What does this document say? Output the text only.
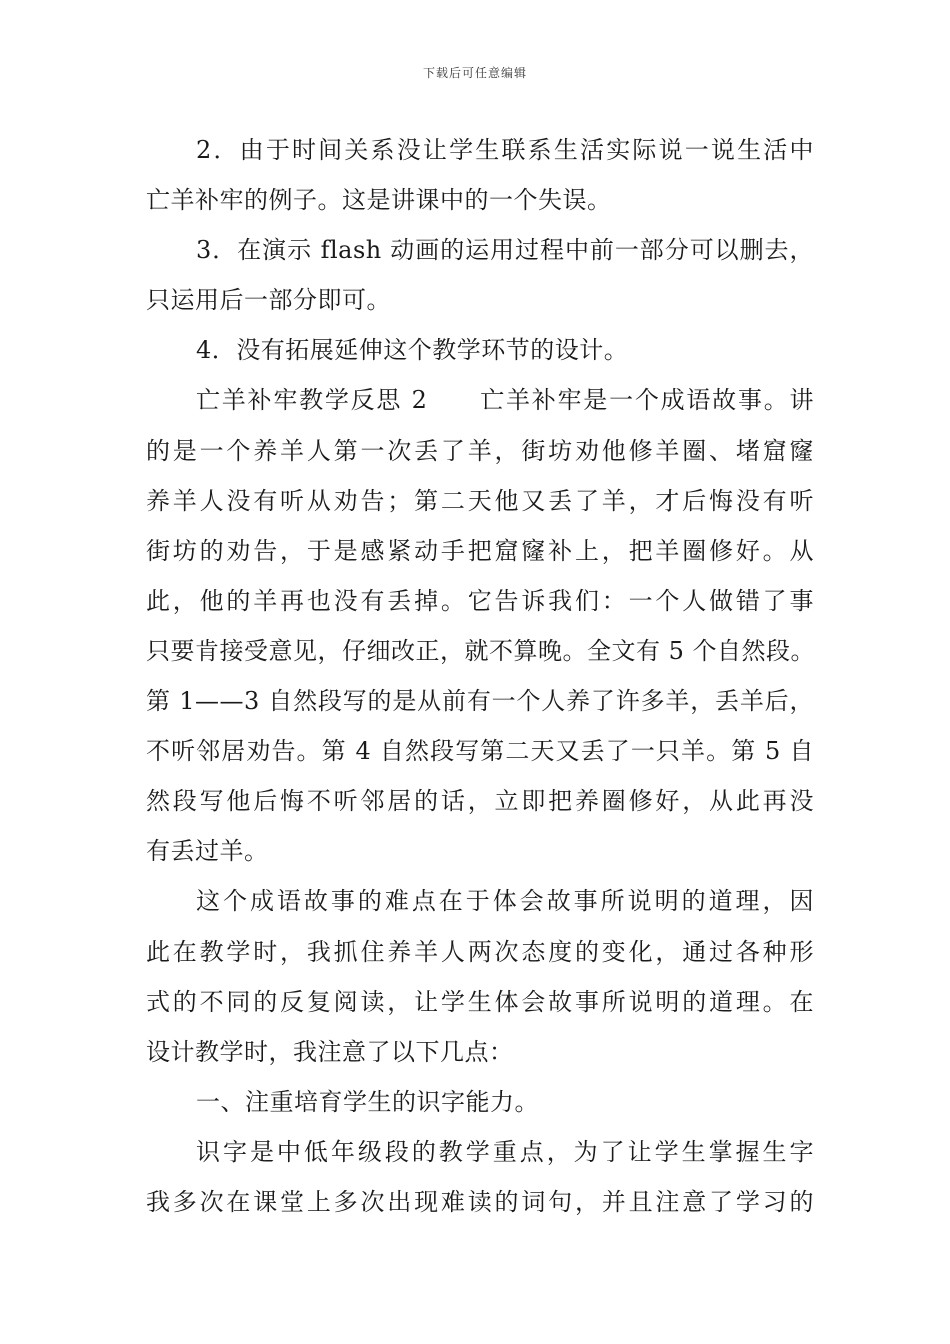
下载后可任意编辑
2．由于时间关系没让学生联系生活实际说一说生活中
亡羊补牢的例子。这是讲课中的一个失误。
3．在演示 flash 动画的运用过程中前一部分可以删去，
只运用后一部分即可。
4．没有拓展延伸这个教学环节的设计。
亡羊补牢教学反思 2　　亡羊补牢是一个成语故事。讲
的是一个养羊人第一次丢了羊，街坊劝他修羊圈、堵窟窿
养羊人没有听从劝告；第二天他又丢了羊，才后悔没有听
街坊的劝告，于是感紧动手把窟窿补上，把羊圈修好。从
此，他的羊再也没有丢掉。它告诉我们：一个人做错了事
只要肯接受意见，仔细改正，就不算晚。全文有 5 个自然段。
第 1——3 自然段写的是从前有一个人养了许多羊，丢羊后，
不听邻居劝告。第 4 自然段写第二天又丢了一只羊。第 5 自
然段写他后悔不听邻居的话，立即把养圈修好，从此再没
有丢过羊。
这个成语故事的难点在于体会故事所说明的道理，因
此在教学时，我抓住养羊人两次态度的变化，通过各种形
式的不同的反复阅读，让学生体会故事所说明的道理。在
设计教学时，我注意了以下几点：
一、注重培育学生的识字能力。
识字是中低年级段的教学重点，为了让学生掌握生字
我多次在课堂上多次出现难读的词句，并且注意了学习的
